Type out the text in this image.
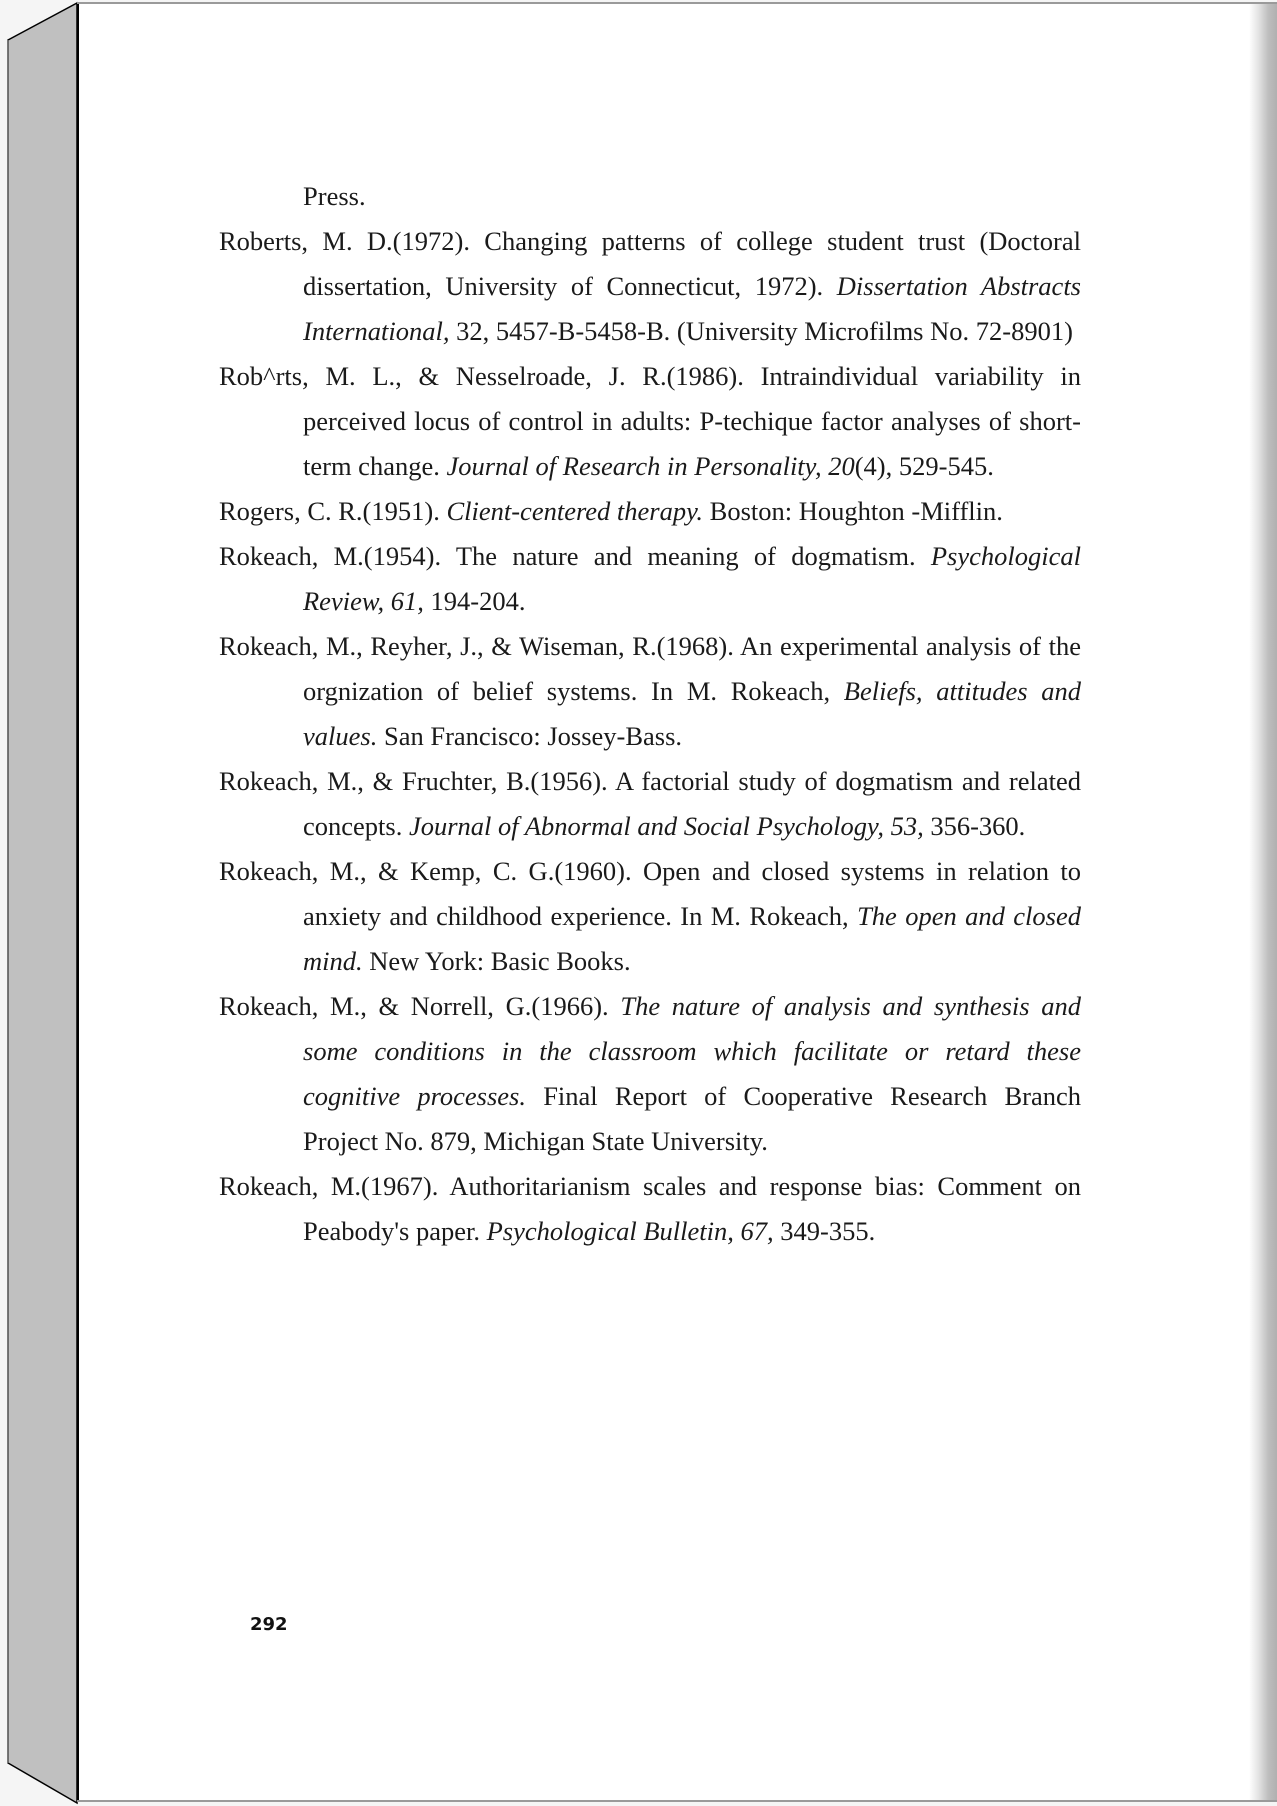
Press.

Roberts, M. D.(1972). Changing patterns of college student trust (Doctoral dissertation, University of Connecticut, 1972). Dissertation Abstracts International, 32, 5457-B-5458-B. (University Microfilms No. 72-8901)

Rob^rts, M. L., & Nesselroade, J. R.(1986). Intraindividual variability in perceived locus of control in adults: P-techique factor analyses of short-term change. Journal of Research in Personality, 20(4), 529-545.

Rogers, C. R.(1951). Client-centered therapy. Boston: Houghton -Mifflin.

Rokeach, M.(1954). The nature and meaning of dogmatism. Psychological Review, 61, 194-204.

Rokeach, M., Reyher, J., & Wiseman, R.(1968). An experimental analysis of the orgnization of belief systems. In M. Rokeach, Beliefs, attitudes and values. San Francisco: Jossey-Bass.

Rokeach, M., & Fruchter, B.(1956). A factorial study of dogmatism and related concepts. Journal of Abnormal and Social Psychology, 53, 356-360.

Rokeach, M., & Kemp, C. G.(1960). Open and closed systems in relation to anxiety and childhood experience. In M. Rokeach, The open and closed mind. New York: Basic Books.

Rokeach, M., & Norrell, G.(1966). The nature of analysis and synthesis and some conditions in the classroom which facilitate or retard these cognitive processes. Final Report of Cooperative Research Branch Project No. 879, Michigan State University.

Rokeach, M.(1967). Authoritarianism scales and response bias: Comment on Peabody's paper. Psychological Bulletin, 67, 349-355.

292
